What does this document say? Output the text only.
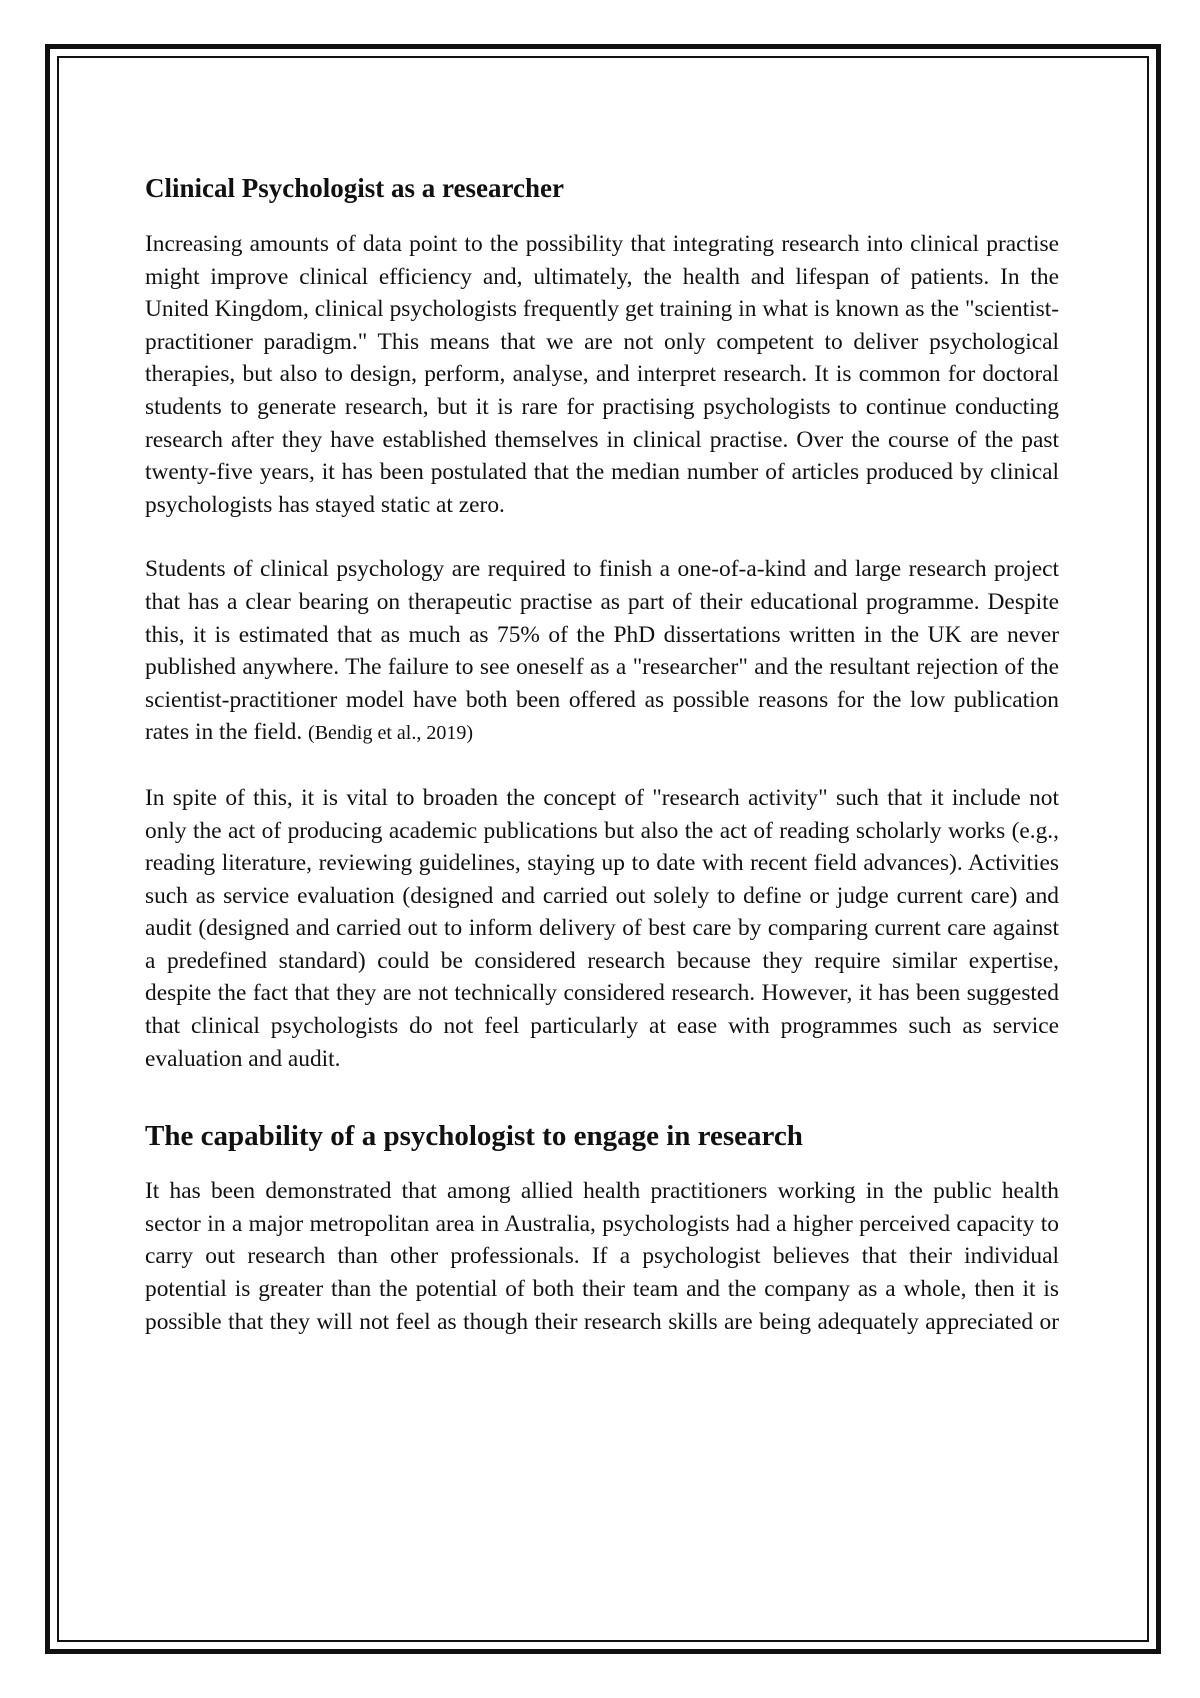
Clinical Psychologist as a researcher

Increasing amounts of data point to the possibility that integrating research into clinical practise might improve clinical efficiency and, ultimately, the health and lifespan of patients. In the United Kingdom, clinical psychologists frequently get training in what is known as the "scientist-practitioner paradigm." This means that we are not only competent to deliver psychological therapies, but also to design, perform, analyse, and interpret research. It is common for doctoral students to generate research, but it is rare for practising psychologists to continue conducting research after they have established themselves in clinical practise. Over the course of the past twenty-five years, it has been postulated that the median number of articles produced by clinical psychologists has stayed static at zero.

Students of clinical psychology are required to finish a one-of-a-kind and large research project that has a clear bearing on therapeutic practise as part of their educational programme. Despite this, it is estimated that as much as 75% of the PhD dissertations written in the UK are never published anywhere. The failure to see oneself as a "researcher" and the resultant rejection of the scientist-practitioner model have both been offered as possible reasons for the low publication rates in the field. (Bendig et al., 2019)

In spite of this, it is vital to broaden the concept of "research activity" such that it include not only the act of producing academic publications but also the act of reading scholarly works (e.g., reading literature, reviewing guidelines, staying up to date with recent field advances). Activities such as service evaluation (designed and carried out solely to define or judge current care) and audit (designed and carried out to inform delivery of best care by comparing current care against a predefined standard) could be considered research because they require similar expertise, despite the fact that they are not technically considered research. However, it has been suggested that clinical psychologists do not feel particularly at ease with programmes such as service evaluation and audit.

The capability of a psychologist to engage in research

It has been demonstrated that among allied health practitioners working in the public health sector in a major metropolitan area in Australia, psychologists had a higher perceived capacity to carry out research than other professionals. If a psychologist believes that their individual potential is greater than the potential of both their team and the company as a whole, then it is possible that they will not feel as though their research skills are being adequately appreciated or
